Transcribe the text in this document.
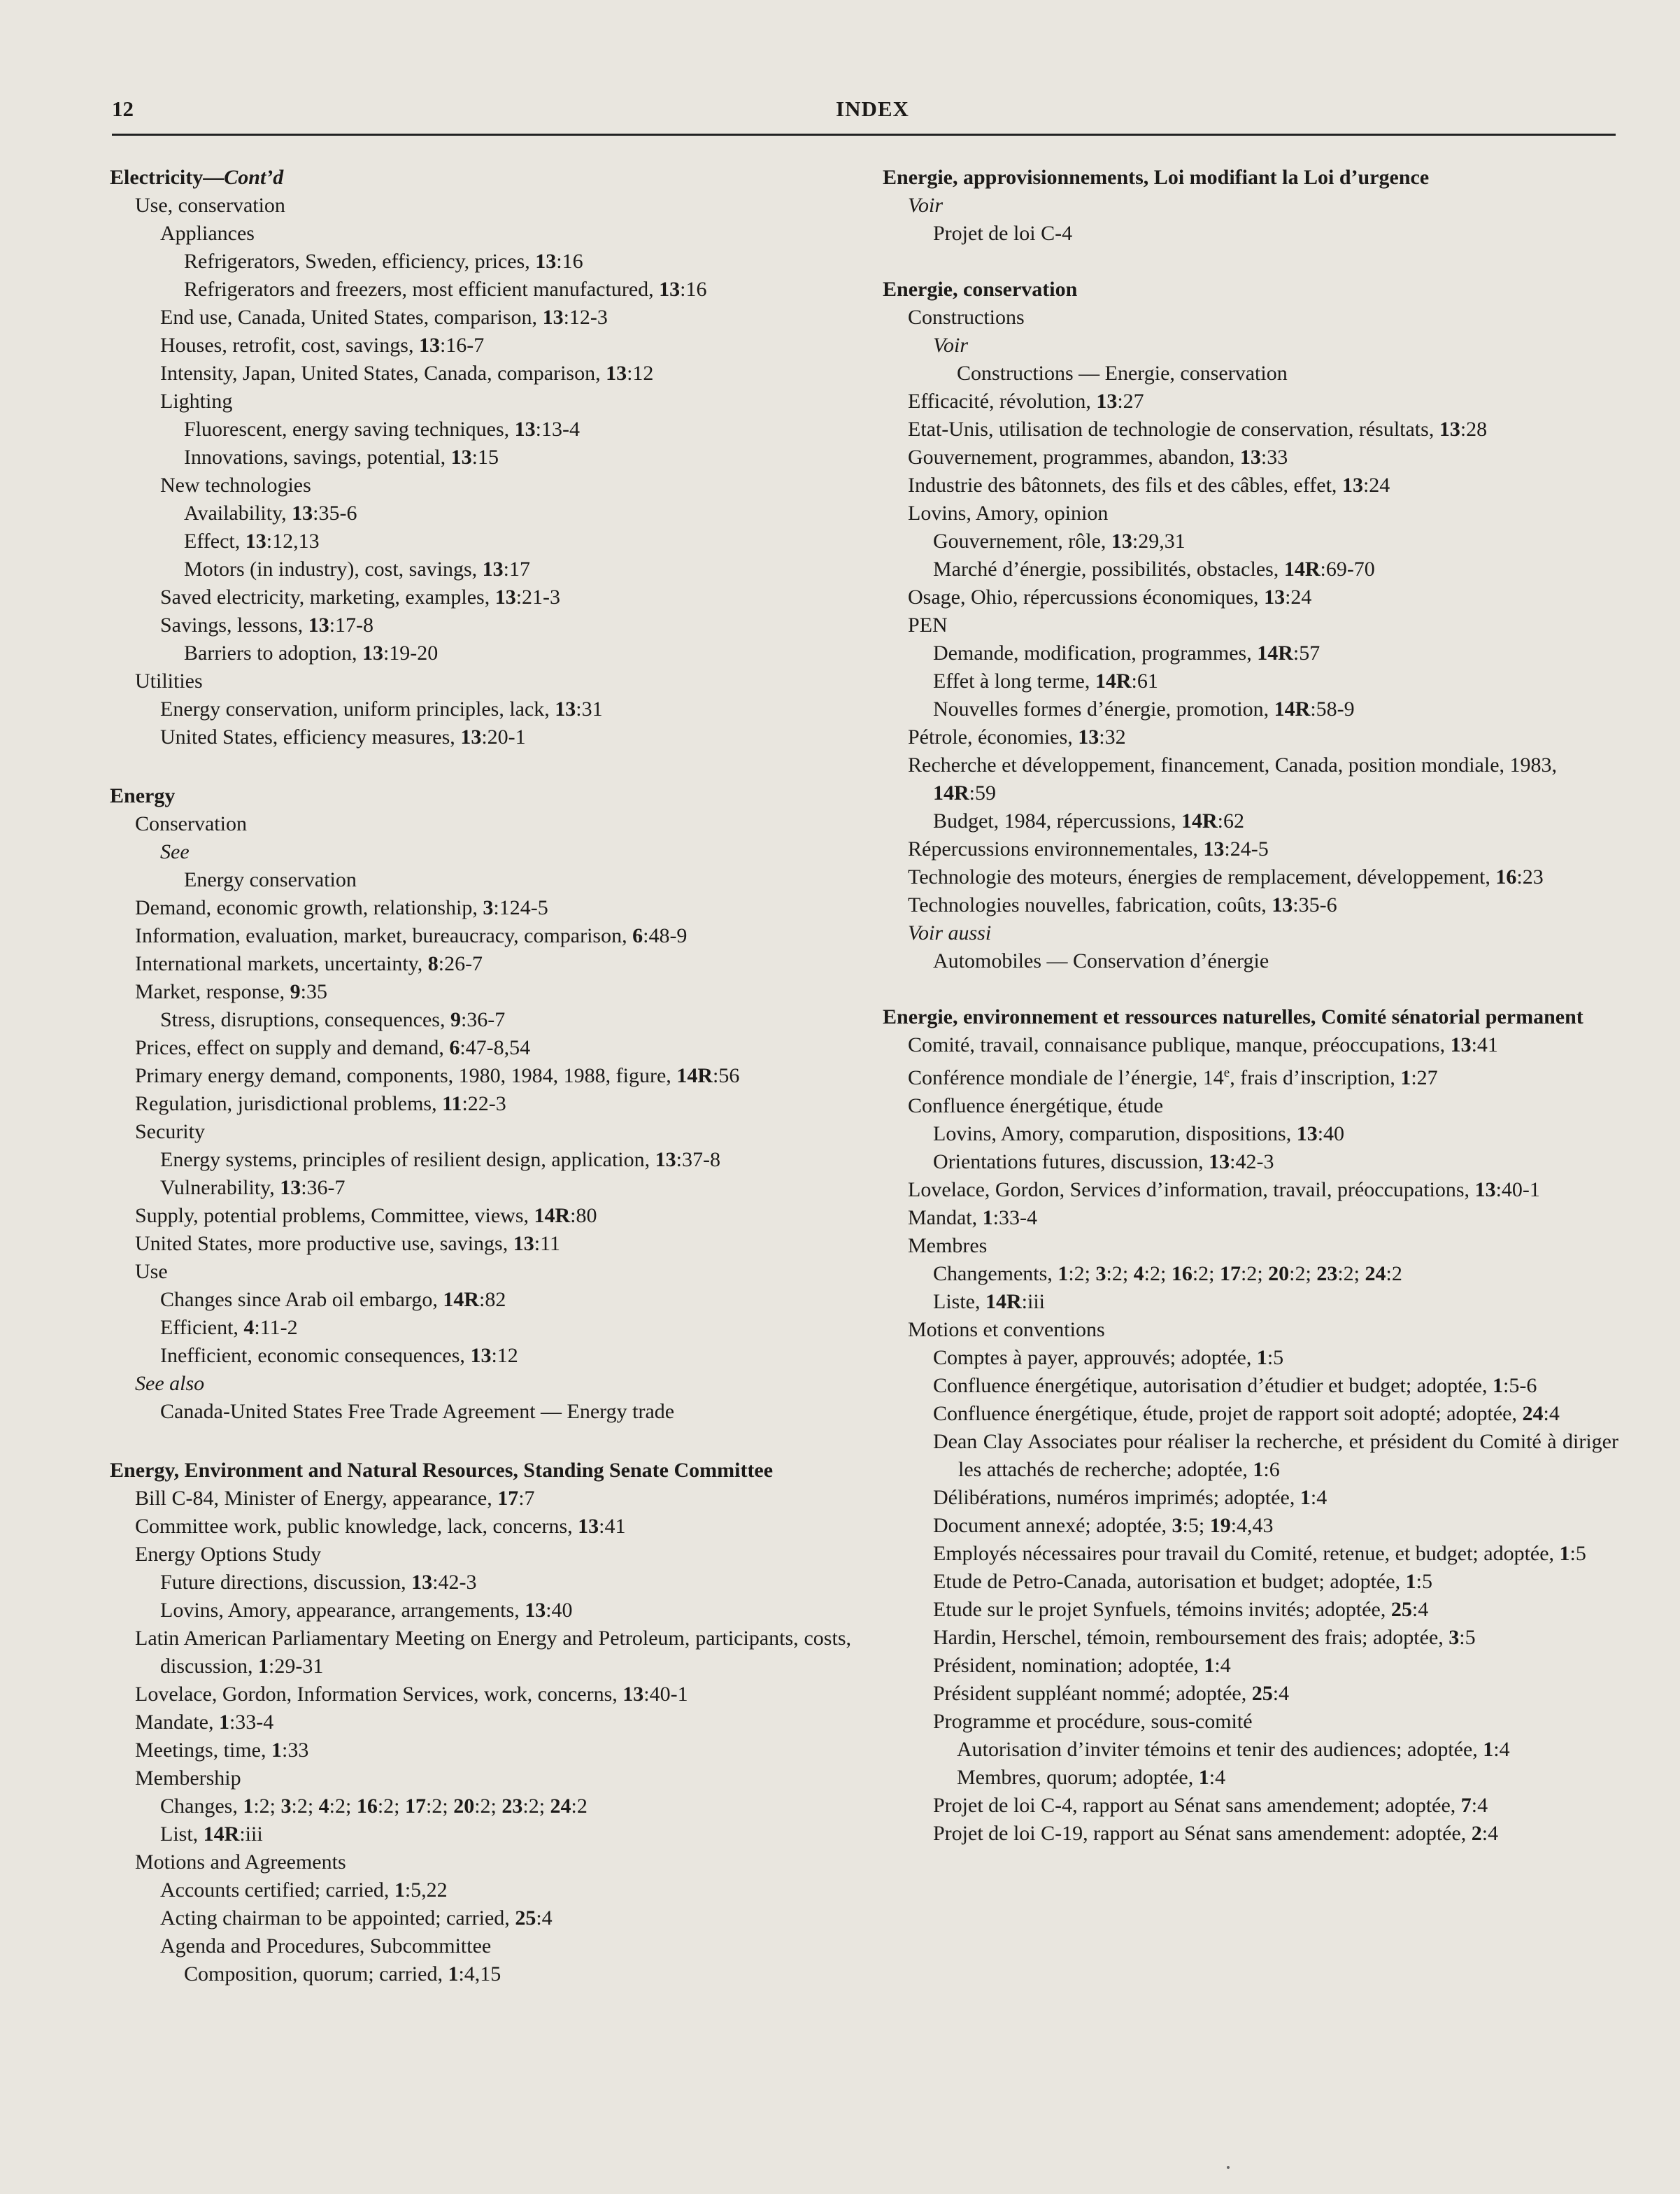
12	INDEX
Electricity—Cont’d
Use, conservation
Appliances
Refrigerators, Sweden, efficiency, prices, 13:16
Refrigerators and freezers, most efficient manufactured, 13:16
End use, Canada, United States, comparison, 13:12-3
Houses, retrofit, cost, savings, 13:16-7
Intensity, Japan, United States, Canada, comparison, 13:12
Lighting
Fluorescent, energy saving techniques, 13:13-4
Innovations, savings, potential, 13:15
New technologies
Availability, 13:35-6
Effect, 13:12,13
Motors (in industry), cost, savings, 13:17
Saved electricity, marketing, examples, 13:21-3
Savings, lessons, 13:17-8
Barriers to adoption, 13:19-20
Utilities
Energy conservation, uniform principles, lack, 13:31
United States, efficiency measures, 13:20-1
Energy
Conservation
See
Energy conservation
Demand, economic growth, relationship, 3:124-5
Information, evaluation, market, bureaucracy, comparison, 6:48-9
International markets, uncertainty, 8:26-7
Market, response, 9:35
Stress, disruptions, consequences, 9:36-7
Prices, effect on supply and demand, 6:47-8,54
Primary energy demand, components, 1980, 1984, 1988, figure, 14R:56
Regulation, jurisdictional problems, 11:22-3
Security
Energy systems, principles of resilient design, application, 13:37-8
Vulnerability, 13:36-7
Supply, potential problems, Committee, views, 14R:80
United States, more productive use, savings, 13:11
Use
Changes since Arab oil embargo, 14R:82
Efficient, 4:11-2
Inefficient, economic consequences, 13:12
See also
Canada-United States Free Trade Agreement — Energy trade
Energy, Environment and Natural Resources, Standing Senate Committee
Bill C-84, Minister of Energy, appearance, 17:7
Committee work, public knowledge, lack, concerns, 13:41
Energy Options Study
Future directions, discussion, 13:42-3
Lovins, Amory, appearance, arrangements, 13:40
Latin American Parliamentary Meeting on Energy and Petroleum, participants, costs, discussion, 1:29-31
Lovelace, Gordon, Information Services, work, concerns, 13:40-1
Mandate, 1:33-4
Meetings, time, 1:33
Membership
Changes, 1:2; 3:2; 4:2; 16:2; 17:2; 20:2; 23:2; 24:2
List, 14R:iii
Motions and Agreements
Accounts certified; carried, 1:5,22
Acting chairman to be appointed; carried, 25:4
Agenda and Procedures, Subcommittee
Composition, quorum; carried, 1:4,15
Energie, approvisionnements, Loi modifiant la Loi d’urgence
Voir
Projet de loi C-4
Energie, conservation
Constructions
Voir
Constructions — Energie, conservation
Efficacité, révolution, 13:27
Etat-Unis, utilisation de technologie de conservation, résultats, 13:28
Gouvernement, programmes, abandon, 13:33
Industrie des bâtonnets, des fils et des câbles, effet, 13:24
Lovins, Amory, opinion
Gouvernement, rôle, 13:29,31
Marché d’énergie, possibilités, obstacles, 14R:69-70
Osage, Ohio, répercussions économiques, 13:24
PEN
Demande, modification, programmes, 14R:57
Effet à long terme, 14R:61
Nouvelles formes d’énergie, promotion, 14R:58-9
Pétrole, économies, 13:32
Recherche et développement, financement, Canada, position mondiale, 1983, 14R:59
Budget, 1984, répercussions, 14R:62
Répercussions environnementales, 13:24-5
Technologie des moteurs, énergies de remplacement, développement, 16:23
Technologies nouvelles, fabrication, coûts, 13:35-6
Voir aussi
Automobiles — Conservation d’énergie
Energie, environnement et ressources naturelles, Comité sénatorial permanent
Comité, travail, connaisance publique, manque, préoccupations, 13:41
Conférence mondiale de l’énergie, 14e, frais d’inscription, 1:27
Confluence énergétique, étude
Lovins, Amory, comparution, dispositions, 13:40
Orientations futures, discussion, 13:42-3
Lovelace, Gordon, Services d’information, travail, préoccupations, 13:40-1
Mandat, 1:33-4
Membres
Changements, 1:2; 3:2; 4:2; 16:2; 17:2; 20:2; 23:2; 24:2
Liste, 14R:iii
Motions et conventions
Comptes à payer, approuvés; adoptée, 1:5
Confluence énergétique, autorisation d’étudier et budget; adoptée, 1:5-6
Confluence énergétique, étude, projet de rapport soit adopté; adoptée, 24:4
Dean Clay Associates pour réaliser la recherche, et président du Comité à diriger les attachés de recherche; adoptée, 1:6
Délibérations, numéros imprimés; adoptée, 1:4
Document annexé; adoptée, 3:5; 19:4,43
Employés nécessaires pour travail du Comité, retenue, et budget; adoptée, 1:5
Etude de Petro-Canada, autorisation et budget; adoptée, 1:5
Etude sur le projet Synfuels, témoins invités; adoptée, 25:4
Hardin, Herschel, témoin, remboursement des frais; adoptée, 3:5
Président, nomination; adoptée, 1:4
Président suppléant nommé; adoptée, 25:4
Programme et procédure, sous-comité
Autorisation d’inviter témoins et tenir des audiences; adoptée, 1:4
Membres, quorum; adoptée, 1:4
Projet de loi C-4, rapport au Sénat sans amendement; adoptée, 7:4
Projet de loi C-19, rapport au Sénat sans amendement: adoptée, 2:4
